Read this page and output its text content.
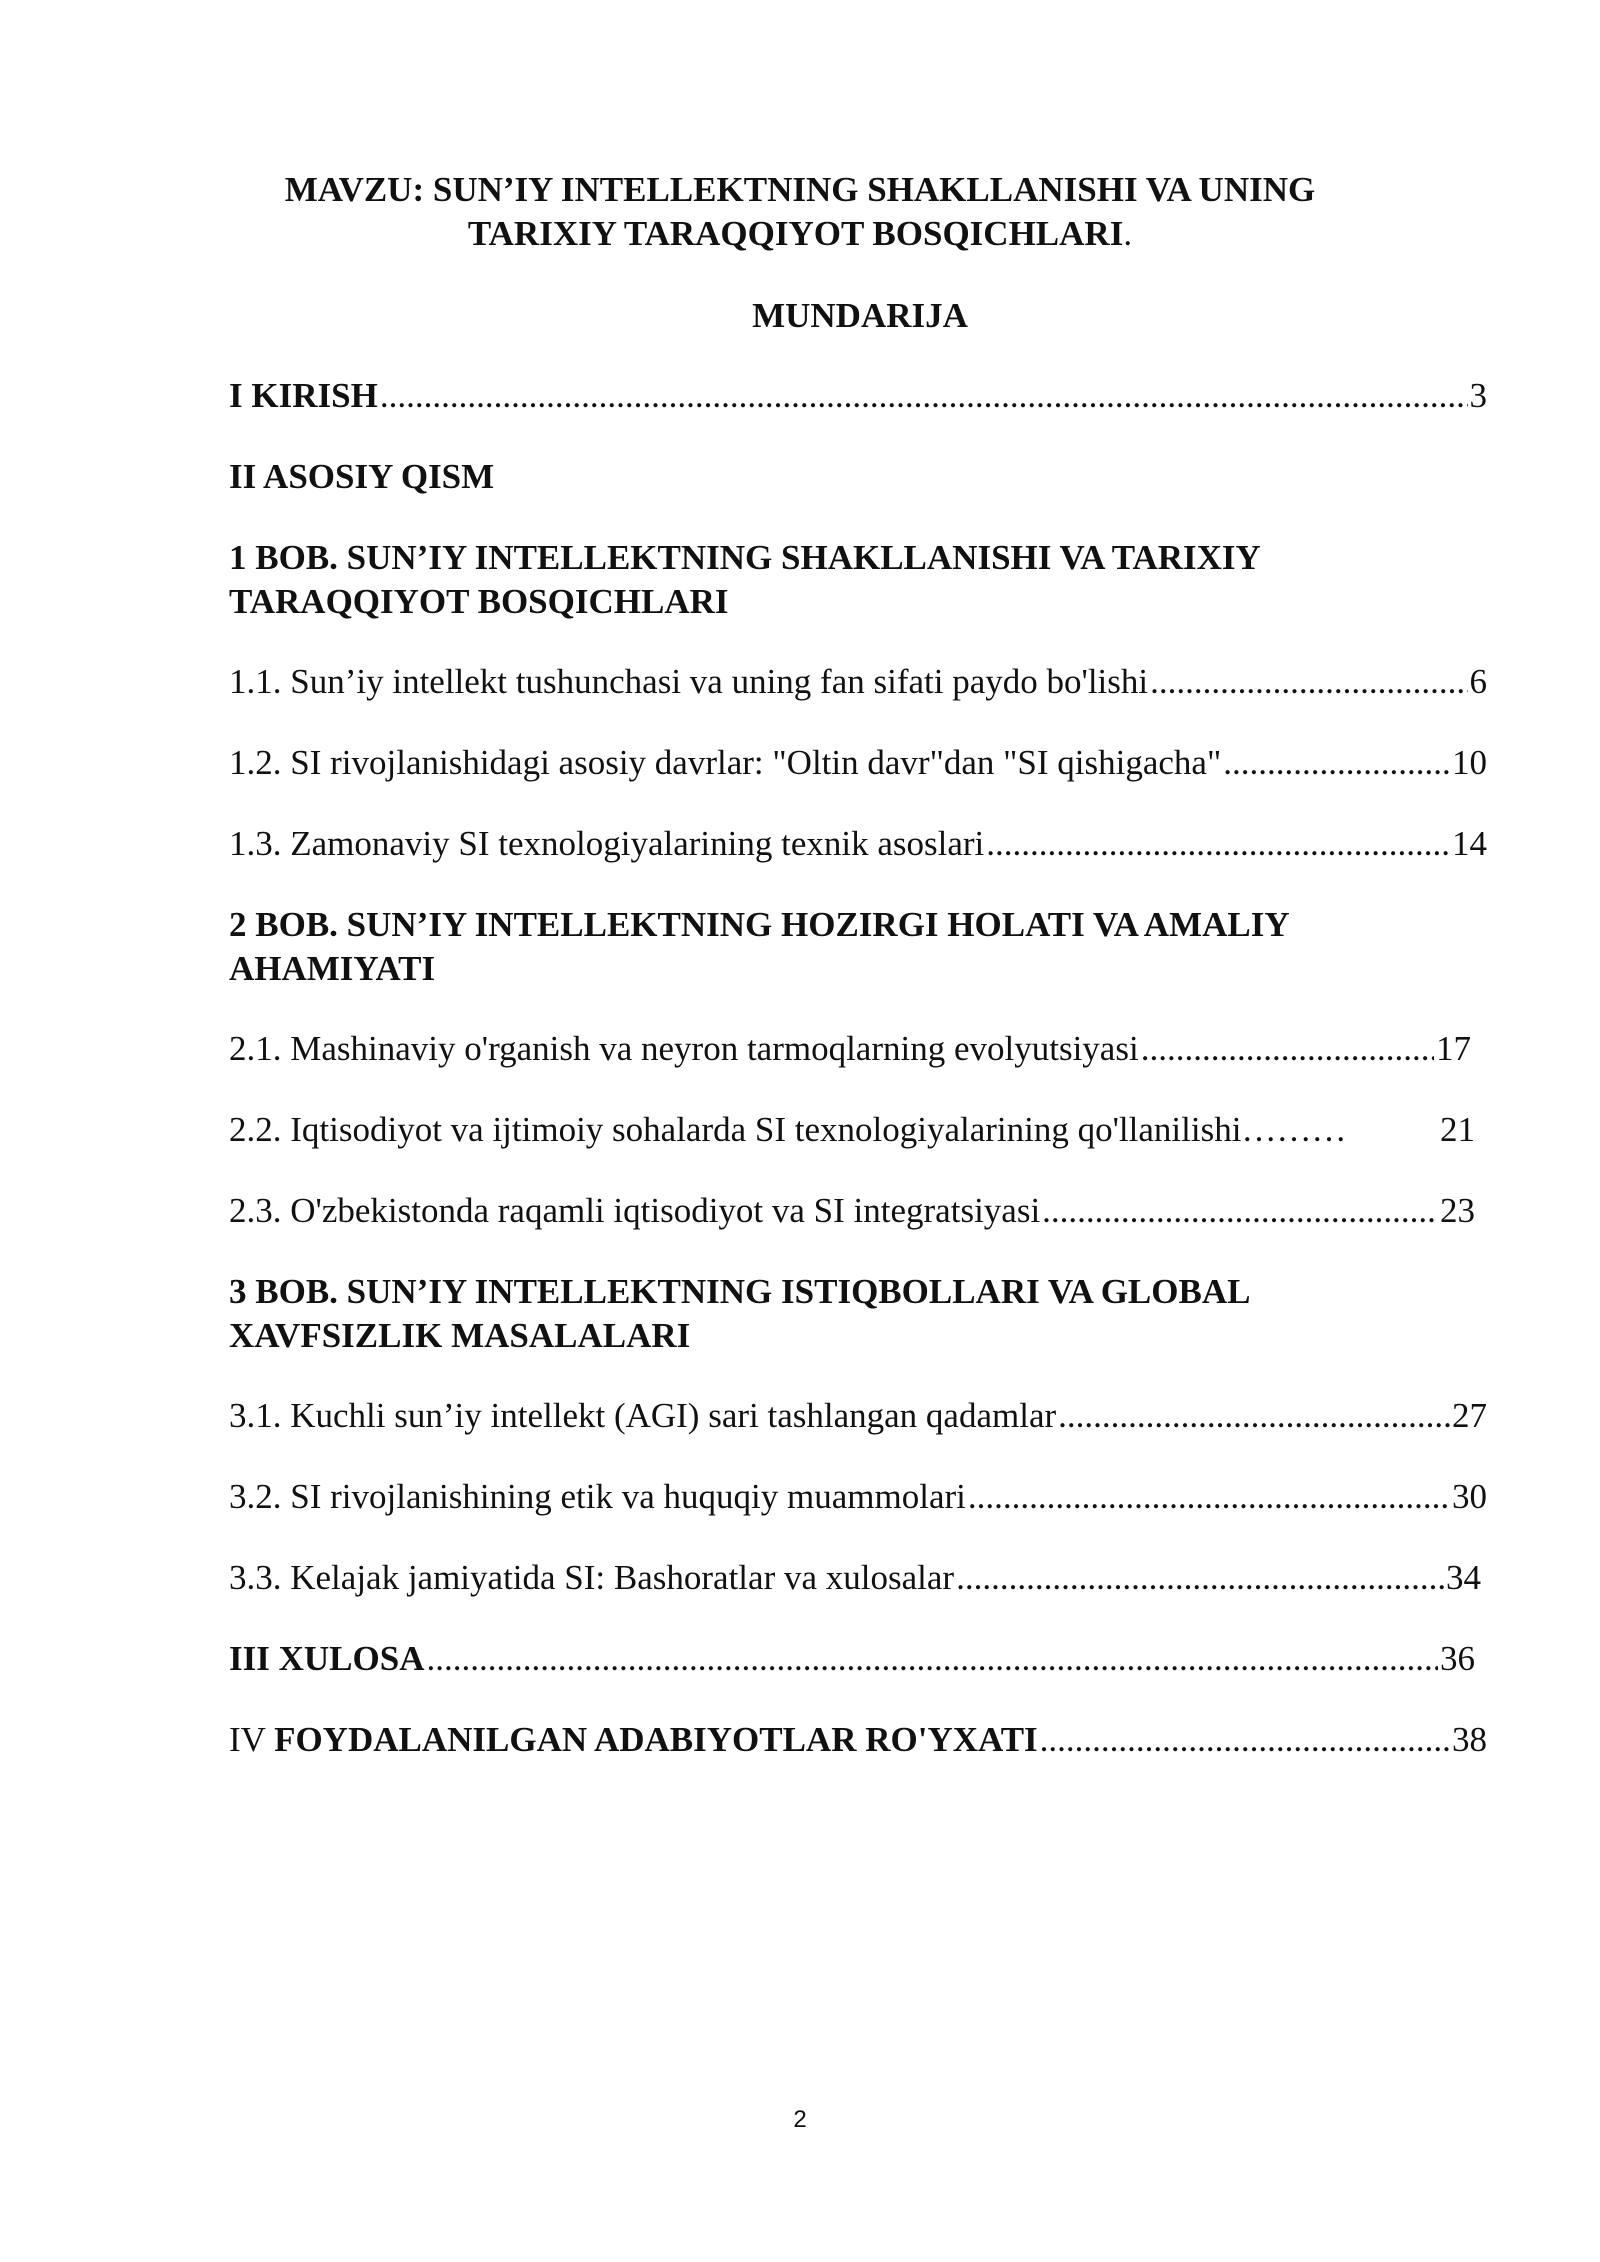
MAVZU: SUN’IY INTELLEKTNING SHAKLLANISHI VA UNING
TARIXIY TARAQQIYOT BOSQICHLARI.
MUNDARIJA
I KIRISH .....	3
II ASOSIY QISM
1 BOB. SUN’IY INTELLEKTNING SHAKLLANISHI VA TARIXIY
TARAQQIYOT BOSQICHLARI
1.1. Sun’iy intellekt tushunchasi va uning fan sifati paydo bo'lishi .....	6
1.2. SI rivojlanishidagi asosiy davrlar: "Oltin davr"dan "SI qishigacha" .....	10
1.3. Zamonaviy SI texnologiyalarining texnik asoslari .....	14
2 BOB. SUN’IY INTELLEKTNING HOZIRGI HOLATI VA AMALIY
AHAMIYATI
2.1. Mashinaviy o'rganish va neyron tarmoqlarning evolyutsiyasi .....	17
2.2. Iqtisodiyot va ijtimoiy sohalarda SI texnologiyalarining qo'llanilishi ………	21
2.3. O'zbekistonda raqamli iqtisodiyot va SI integratsiyasi .....	23
3 BOB. SUN’IY INTELLEKTNING ISTIQBOLLARI VA GLOBAL
XAVFSIZLIK MASALALARI
3.1. Kuchli sun’iy intellekt (AGI) sari tashlangan qadamlar .....	27
3.2. SI rivojlanishining etik va huquqiy muammolari .....	30
3.3. Kelajak jamiyatida SI: Bashoratlar va xulosalar .....	34
III XULOSA .....	36
IV FOYDALANILGAN ADABIYOTLAR RO'YXATI .....	38
2
